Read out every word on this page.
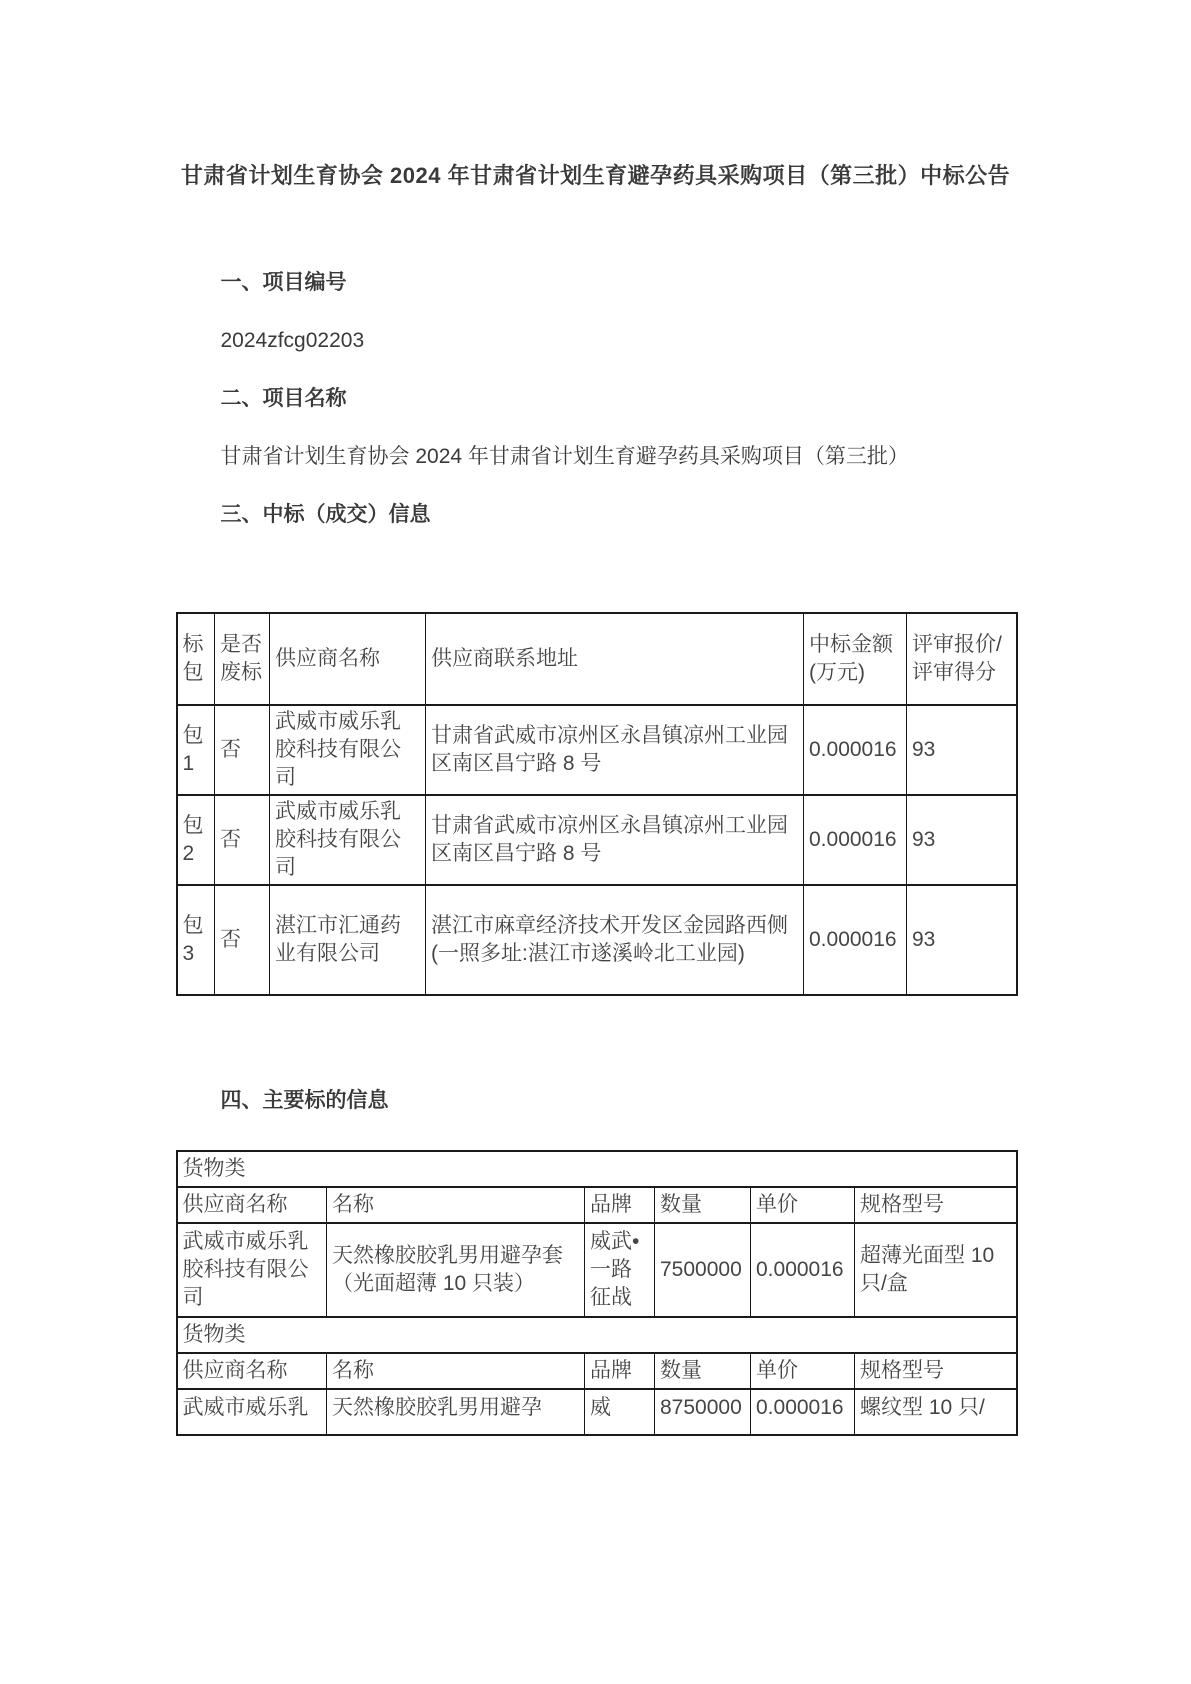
甘肃省计划生育协会 2024 年甘肃省计划生育避孕药具采购项目（第三批）中标公告

一、项目编号

2024zfcg02203

二、项目名称

甘肃省计划生育协会 2024 年甘肃省计划生育避孕药具采购项目（第三批）

三、中标（成交）信息

标包	是否废标	供应商名称	供应商联系地址	中标金额(万元)	评审报价/评审得分
包1	否	武威市威乐乳胶科技有限公司	甘肃省武威市凉州区永昌镇凉州工业园区南区昌宁路 8 号	0.000016	93
包2	否	武威市威乐乳胶科技有限公司	甘肃省武威市凉州区永昌镇凉州工业园区南区昌宁路 8 号	0.000016	93
包3	否	湛江市汇通药业有限公司	湛江市麻章经济技术开发区金园路西侧(一照多址:湛江市遂溪岭北工业园)	0.000016	93

四、主要标的信息

货物类					
供应商名称	名称	品牌	数量	单价	规格型号
武威市威乐乳胶科技有限公司	天然橡胶胶乳男用避孕套（光面超薄 10 只装）	威武•一路征战	7500000	0.000016	超薄光面型 10 只/盒
货物类					
供应商名称	名称	品牌	数量	单价	规格型号
武威市威乐乳	天然橡胶胶乳男用避孕	威	8750000	0.000016	螺纹型 10 只/
